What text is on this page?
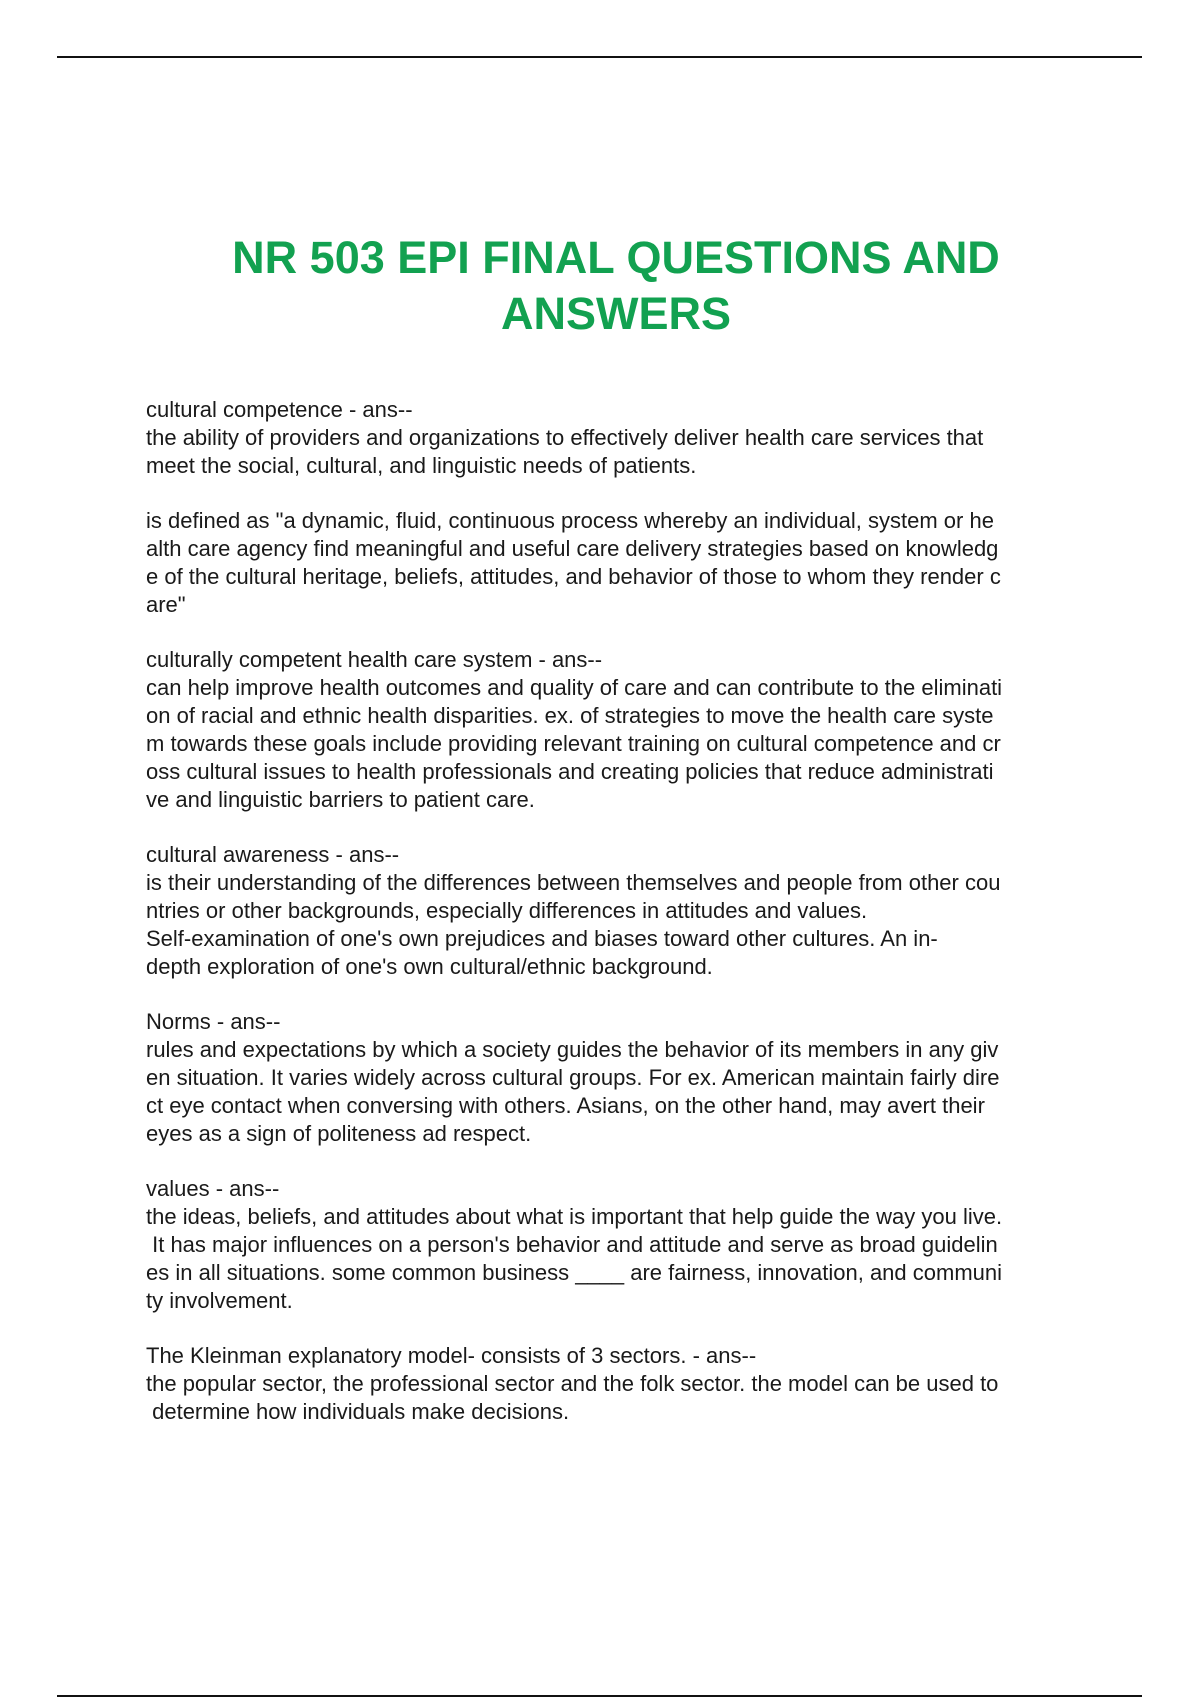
NR 503 EPI FINAL QUESTIONS AND
ANSWERS
cultural competence - ans--
the ability of providers and organizations to effectively deliver health care services that
meet the social, cultural, and linguistic needs of patients.
is defined as "a dynamic, fluid, continuous process whereby an individual, system or he
alth care agency find meaningful and useful care delivery strategies based on knowledg
e of the cultural heritage, beliefs, attitudes, and behavior of those to whom they render c
are"
culturally competent health care system - ans--
can help improve health outcomes and quality of care and can contribute to the eliminati
on of racial and ethnic health disparities. ex. of strategies to move the health care syste
m towards these goals include providing relevant training on cultural competence and cr
oss cultural issues to health professionals and creating policies that reduce administrati
ve and linguistic barriers to patient care.
cultural awareness - ans--
is their understanding of the differences between themselves and people from other cou
ntries or other backgrounds, especially differences in attitudes and values.
Self-examination of one's own prejudices and biases toward other cultures. An in-
depth exploration of one's own cultural/ethnic background.
Norms - ans--
rules and expectations by which a society guides the behavior of its members in any giv
en situation. It varies widely across cultural groups. For ex. American maintain fairly dire
ct eye contact when conversing with others. Asians, on the other hand, may avert their
eyes as a sign of politeness ad respect.
values - ans--
the ideas, beliefs, and attitudes about what is important that help guide the way you live.
It has major influences on a person's behavior and attitude and serve as broad guidelin
es in all situations. some common business ____ are fairness, innovation, and communi
ty involvement.
The Kleinman explanatory model- consists of 3 sectors. - ans--
the popular sector, the professional sector and the folk sector. the model can be used to
determine how individuals make decisions.
